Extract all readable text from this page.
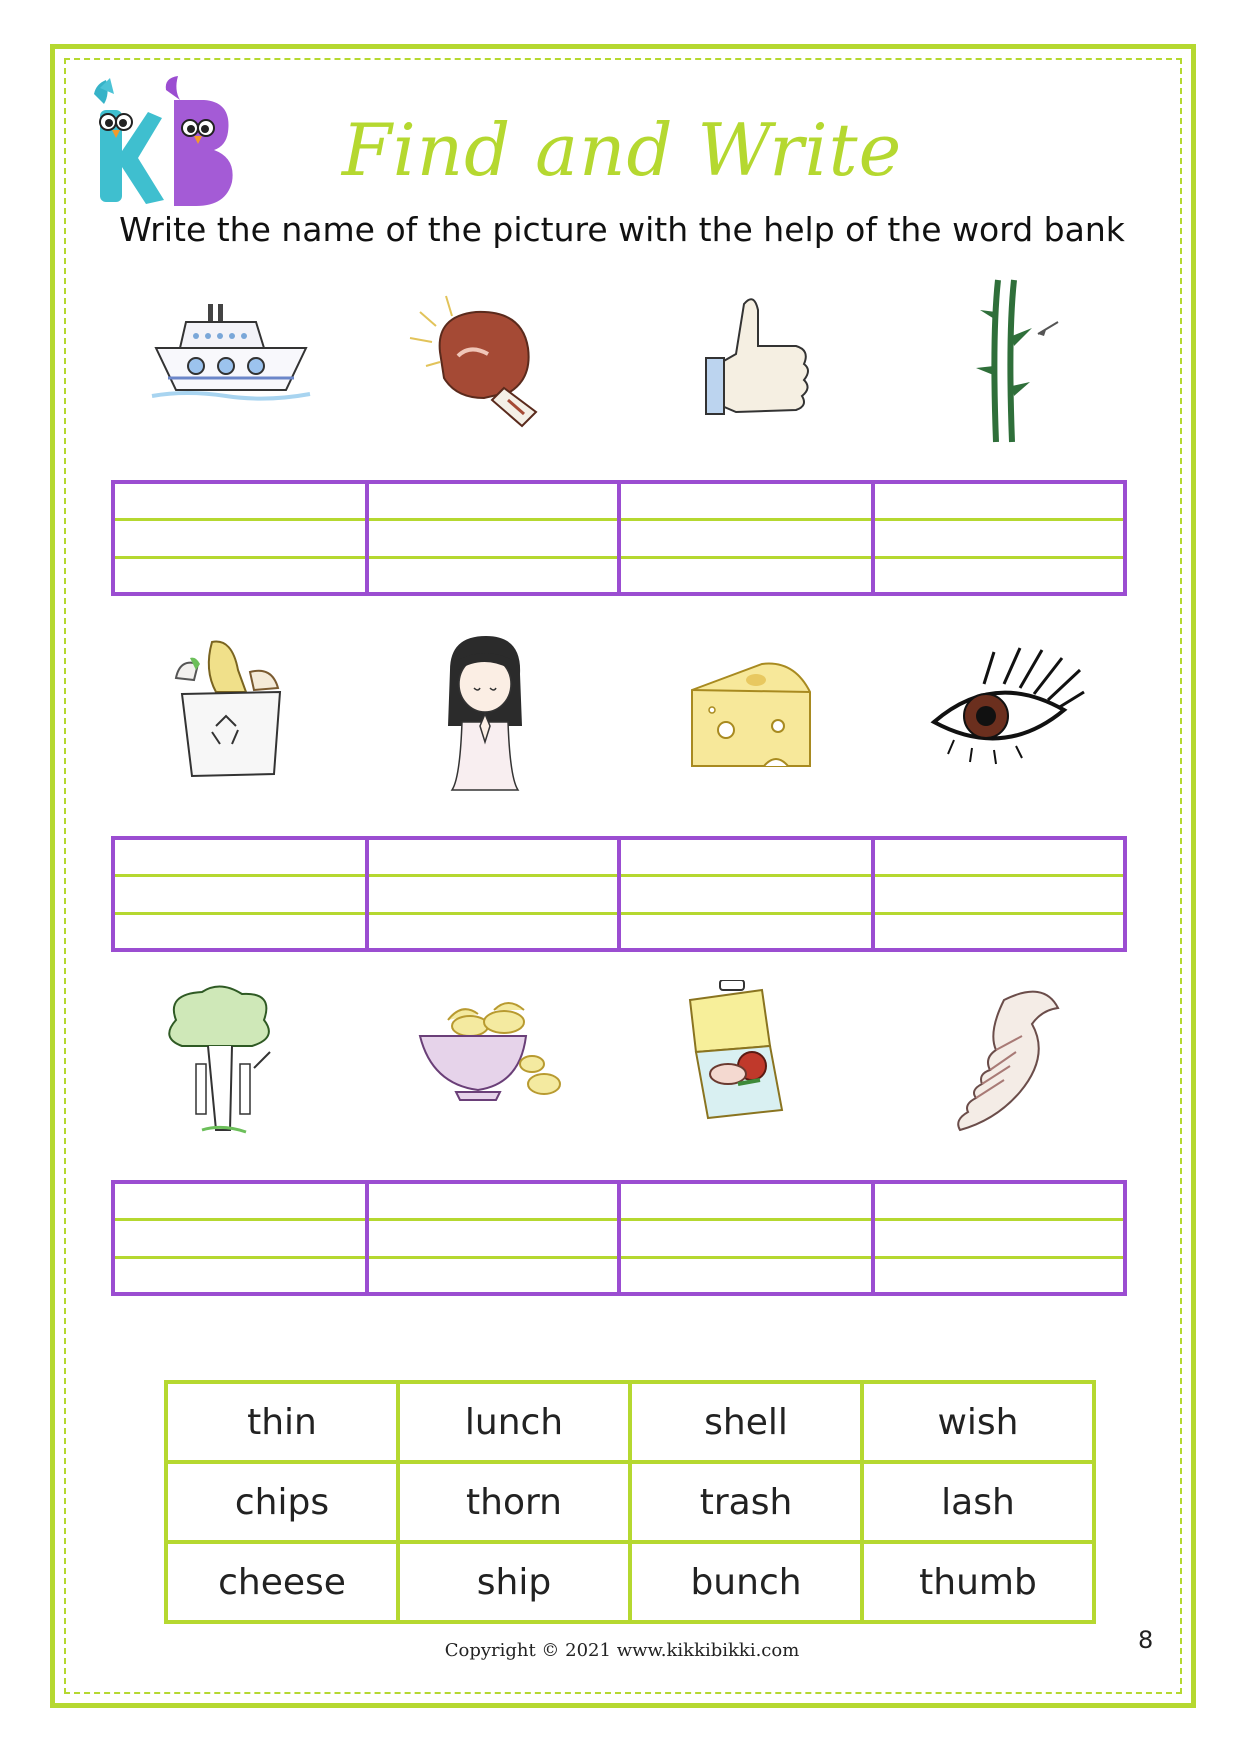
Find and Write
Write the name of the picture with the help of the word bank
thin	lunch	shell	wish
chips	thorn	trash	lash
cheese	ship	bunch	thumb
Copyright © 2021 www.kikkibikki.com	8
